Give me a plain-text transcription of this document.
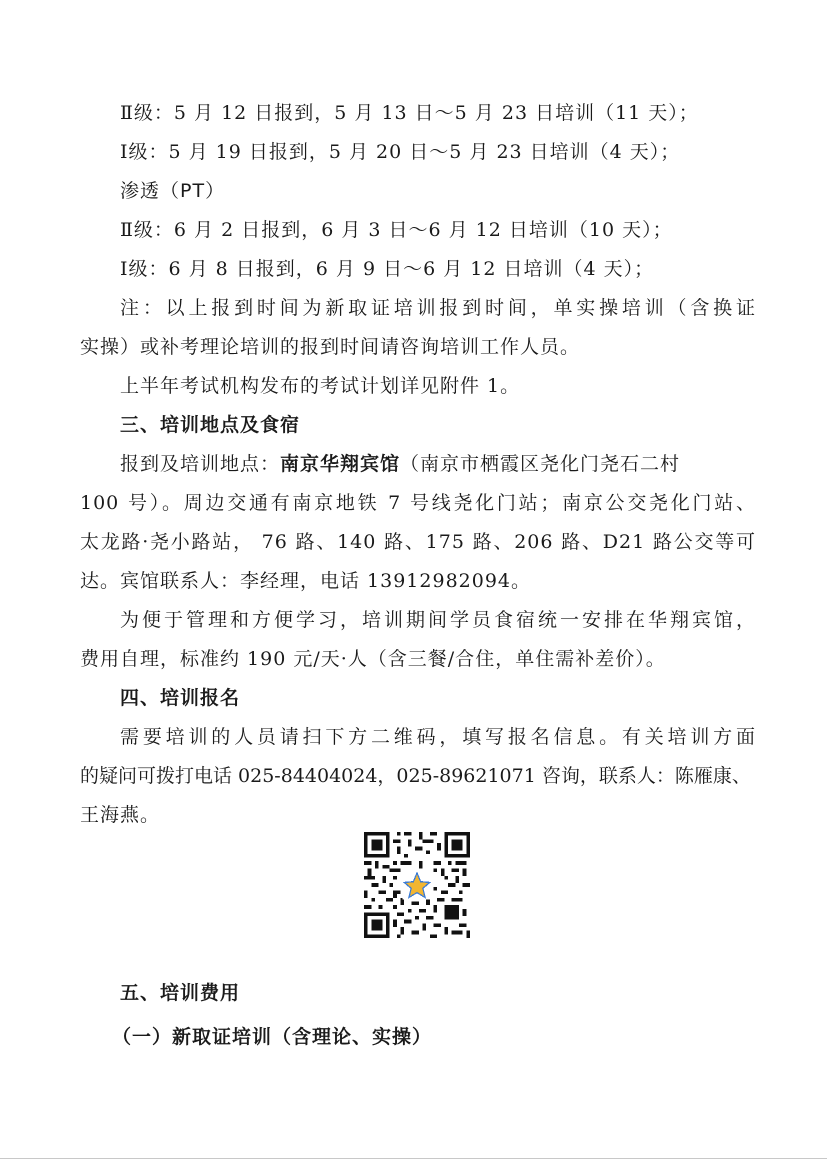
Ⅱ级：5 月 12 日报到，5 月 13 日～5 月 23 日培训（11 天）；
Ⅰ级：5 月 19 日报到，5 月 20 日～5 月 23 日培训（4 天）；
渗透（PT）
Ⅱ级：6 月 2 日报到，6 月 3 日～6 月 12 日培训（10 天）；
Ⅰ级：6 月 8 日报到，6 月 9 日～6 月 12 日培训（4 天）；
注：以上报到时间为新取证培训报到时间，单实操培训（含换证
实操）或补考理论培训的报到时间请咨询培训工作人员。
上半年考试机构发布的考试计划详见附件 1。
三、培训地点及食宿
报到及培训地点：南京华翔宾馆（南京市栖霞区尧化门尧石二村
100 号）。周边交通有南京地铁 7 号线尧化门站；南京公交尧化门站、
太龙路·尧小路站， 76 路、140 路、175 路、206 路、D21 路公交等可
达。宾馆联系人：李经理，电话 13912982094。
为便于管理和方便学习，培训期间学员食宿统一安排在华翔宾馆，
费用自理，标准约 190 元/天·人（含三餐/合住，单住需补差价）。
四、培训报名
需要培训的人员请扫下方二维码，填写报名信息。有关培训方面
的疑问可拨打电话 025-84404024，025-89621071 咨询，联系人：陈雁康、
王海燕。
五、培训费用
（一）新取证培训（含理论、实操）
